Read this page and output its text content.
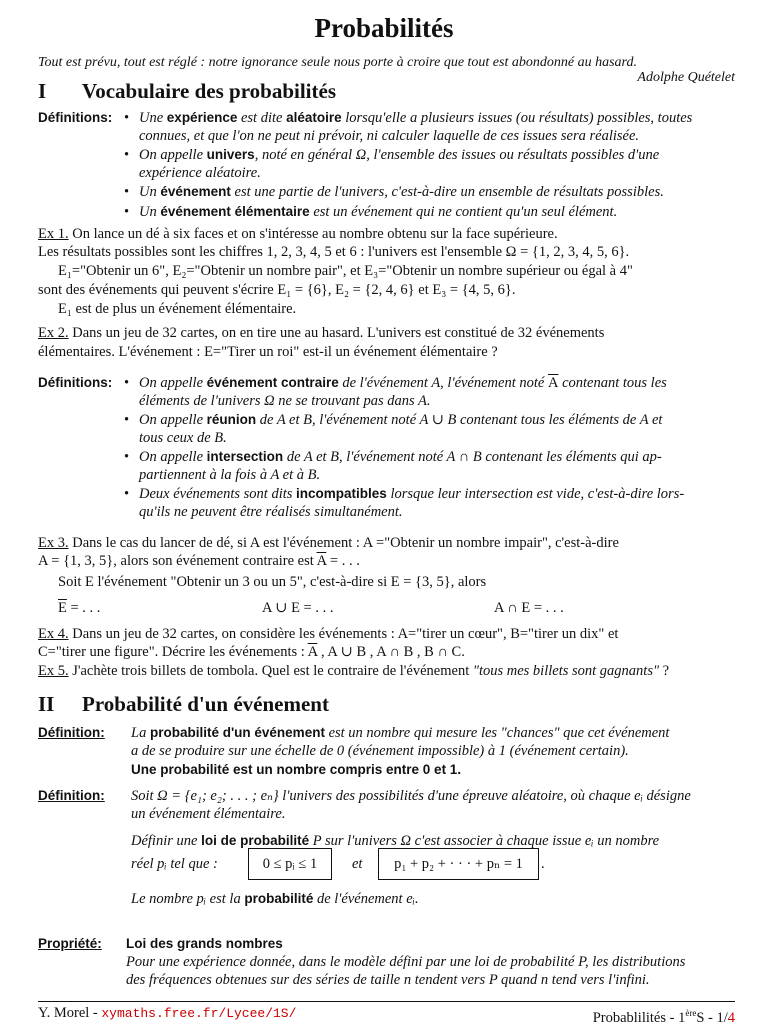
Probabilités
Tout est prévu, tout est réglé : notre ignorance seule nous porte à croire que tout est abondonné au hasard.
Adolphe Quételet
I Vocabulaire des probabilités
Définitions: • Une expérience est dite aléatoire lorsqu'elle a plusieurs issues (ou résultats) possibles, toutes
connues, et que l'on ne peut ni prévoir, ni calculer laquelle de ces issues sera réalisée.
• On appelle univers, noté en général Ω, l'ensemble des issues ou résultats possibles d'une
expérience aléatoire.
• Un événement est une partie de l'univers, c'est-à-dire un ensemble de résultats possibles.
• Un événement élémentaire est un événement qui ne contient qu'un seul élément.
Ex 1. On lance un dé à six faces et on s'intéresse au nombre obtenu sur la face supérieure.
Les résultats possibles sont les chiffres 1, 2, 3, 4, 5 et 6 : l'univers est l'ensemble Ω = {1, 2, 3, 4, 5, 6}.
E₁="Obtenir un 6", E₂="Obtenir un nombre pair", et E₃="Obtenir un nombre supérieur ou égal à 4"
sont des événements qui peuvent s'écrire E₁ = {6}, E₂ = {2, 4, 6} et E₃ = {4, 5, 6}.
E₁ est de plus un événement élémentaire.
Ex 2. Dans un jeu de 32 cartes, on en tire une au hasard. L'univers est constitué de 32 événements
élémentaires. L'événement : E="Tirer un roi" est-il un événement élémentaire ?
Définitions: • On appelle événement contraire de l'événement A, l'événement noté $\overline{A}$ contenant tous les
éléments de l'univers Ω ne se trouvant pas dans A.
• On appelle réunion de A et B, l'événement noté A ∪ B contenant tous les éléments de A et
tous ceux de B.
• On appelle intersection de A et B, l'événement noté A ∩ B contenant les éléments qui ap-
partiennent à la fois à A et à B.
• Deux événements sont dits incompatibles lorsque leur intersection est vide, c'est-à-dire lors-
qu'ils ne peuvent être réalisés simultanément.
Ex 3. Dans le cas du lancer de dé, si A est l'événement : A ="Obtenir un nombre impair", c'est-à-dire
A = {1, 3, 5}, alors son événement contraire est $\overline{A}$ = . . .
Soit E l'événement "Obtenir un 3 ou un 5", c'est-à-dire si E = {3, 5}, alors
$\overline{E}$ = . . .	A ∪ E = . . .	A ∩ E = . . .
Ex 4. Dans un jeu de 32 cartes, on considère les événements : A="tirer un cœur", B="tirer un dix" et
C="tirer une figure". Décrire les événements : $\overline{A}$ , A ∪ B , A ∩ B , B ∩ C.
Ex 5. J'achète trois billets de tombola. Quel est le contraire de l'événement "tous mes billets sont gagnants" ?
II Probabilité d'un événement
Définition: La probabilité d'un événement est un nombre qui mesure les "chances" que cet événement
a de se produire sur une échelle de 0 (événement impossible) à 1 (événement certain).
Une probabilité est un nombre compris entre 0 et 1.
Définition: Soit Ω = {e₁; e₂; . . . ; eₙ} l'univers des possibilités d'une épreuve aléatoire, où chaque eᵢ désigne
un événement élémentaire.
Définir une loi de probabilité P sur l'univers Ω c'est associer à chaque issue eᵢ un nombre
réel pᵢ tel que :	0 ≤ pᵢ ≤ 1	et	p₁ + p₂ + · · · + pₙ = 1	.
Le nombre pᵢ est la probabilité de l'événement eᵢ.
Propriété: Loi des grands nombres
Pour une expérience donnée, dans le modèle défini par une loi de probabilité P, les distributions
des fréquences obtenues sur des séries de taille n tendent vers P quand n tend vers l'infini.
Y. Morel - xymaths.free.fr/Lycee/1S/	Probablilités - 1èreS - 1/4
